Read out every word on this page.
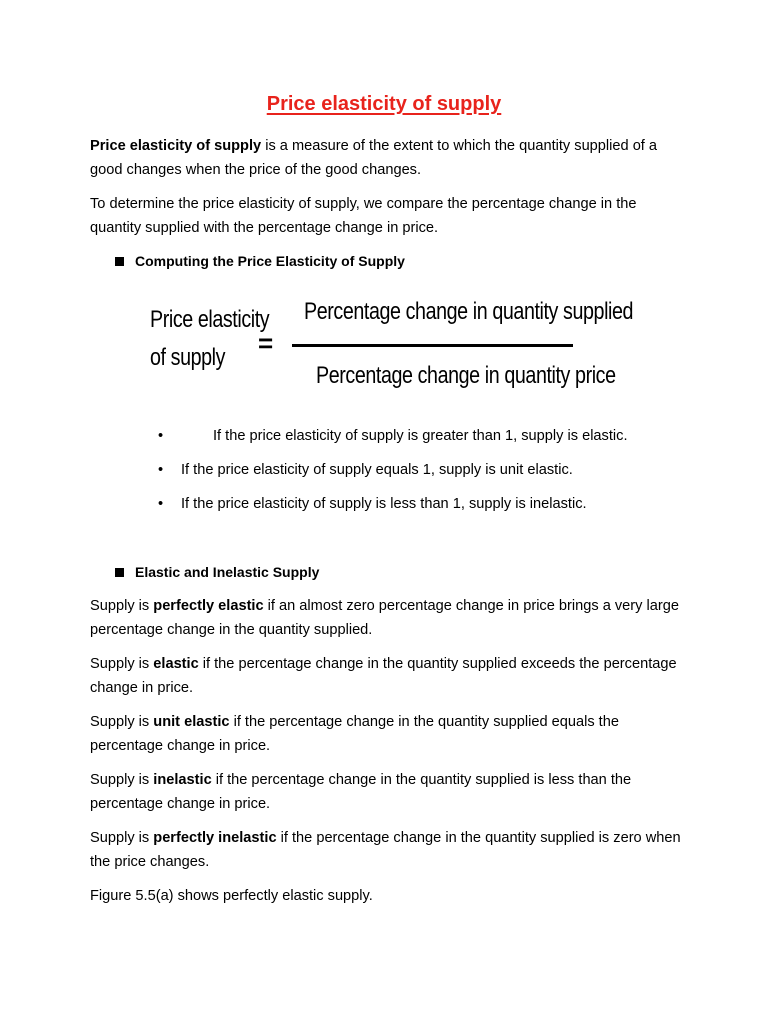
Price elasticity of supply
Price elasticity of supply is a measure of the extent to which the quantity supplied of a good changes when the price of the good changes.
To determine the price elasticity of supply, we compare the percentage change in the quantity supplied with the percentage change in price.
Computing the Price Elasticity of Supply
Price elasticity
of supply =
Percentage change in quantity supplied
Percentage change in quantity price
•	If the price elasticity of supply is greater than 1, supply is elastic.
• If the price elasticity of supply equals 1, supply is unit elastic.
• If the price elasticity of supply is less than 1, supply is inelastic.
Elastic and Inelastic Supply
Supply is perfectly elastic if an almost zero percentage change in price brings a very large percentage change in the quantity supplied.
Supply is elastic if the percentage change in the quantity supplied exceeds the percentage change in price.
Supply is unit elastic if the percentage change in the quantity supplied equals the percentage change in price.
Supply is inelastic if the percentage change in the quantity supplied is less than the percentage change in price.
Supply is perfectly inelastic if the percentage change in the quantity supplied is zero when the price changes.
Figure 5.5(a) shows perfectly elastic supply.
